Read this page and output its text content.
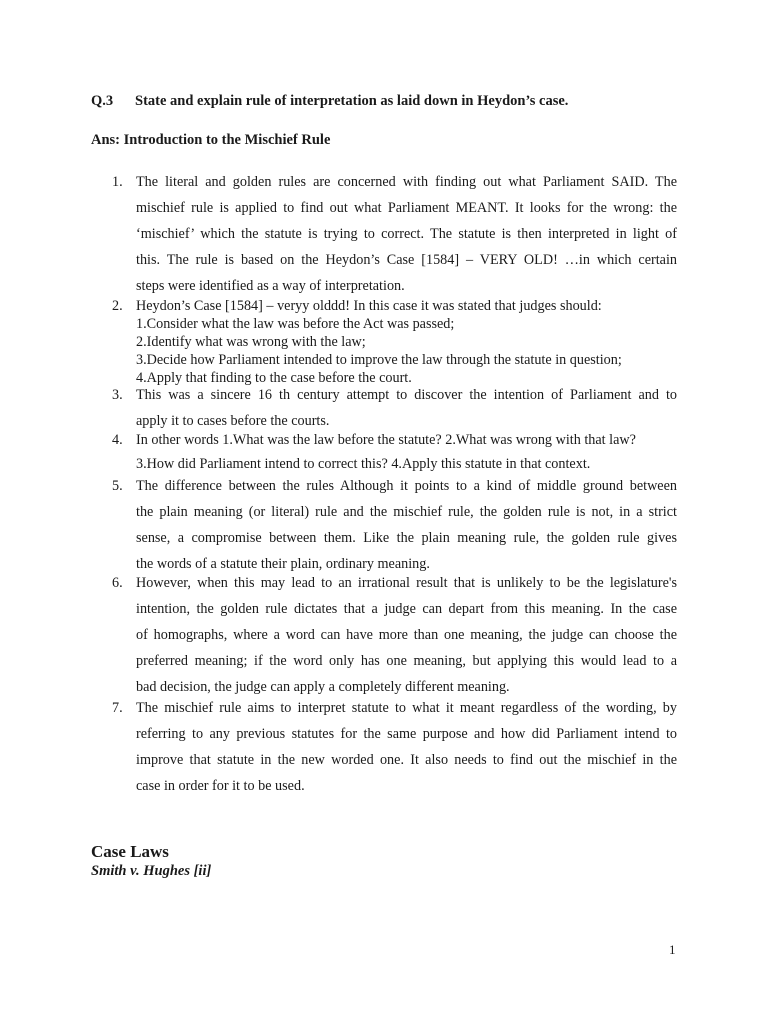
Q.3 State and explain rule of interpretation as laid down in Heydon’s case.
Ans: Introduction to the Mischief Rule
1. The literal and golden rules are concerned with finding out what Parliament SAID. The
mischief rule is applied to find out what Parliament MEANT. It looks for the wrong: the
‘mischief’ which the statute is trying to correct. The statute is then interpreted in light of
this. The rule is based on the Heydon’s Case [1584] – VERY OLD! …in which certain
steps were identified as a way of interpretation.
2. Heydon’s Case [1584] – veryy olddd! In this case it was stated that judges should:
1.Consider what the law was before the Act was passed;
2.Identify what was wrong with the law;
3.Decide how Parliament intended to improve the law through the statute in question;
4.Apply that finding to the case before the court.
3. This was a sincere 16 th century attempt to discover the intention of Parliament and to
apply it to cases before the courts.
4. In other words 1.What was the law before the statute? 2.What was wrong with that law?
3.How did Parliament intend to correct this? 4.Apply this statute in that context.
5. The difference between the rules Although it points to a kind of middle ground between
the plain meaning (or literal) rule and the mischief rule, the golden rule is not, in a strict
sense, a compromise between them. Like the plain meaning rule, the golden rule gives
the words of a statute their plain, ordinary meaning.
6. However, when this may lead to an irrational result that is unlikely to be the legislature's
intention, the golden rule dictates that a judge can depart from this meaning. In the case
of homographs, where a word can have more than one meaning, the judge can choose the
preferred meaning; if the word only has one meaning, but applying this would lead to a
bad decision, the judge can apply a completely different meaning.
7. The mischief rule aims to interpret statute to what it meant regardless of the wording, by
referring to any previous statutes for the same purpose and how did Parliament intend to
improve that statute in the new worded one. It also needs to find out the mischief in the
case in order for it to be used.
Case Laws
Smith v. Hughes [ii]
1
